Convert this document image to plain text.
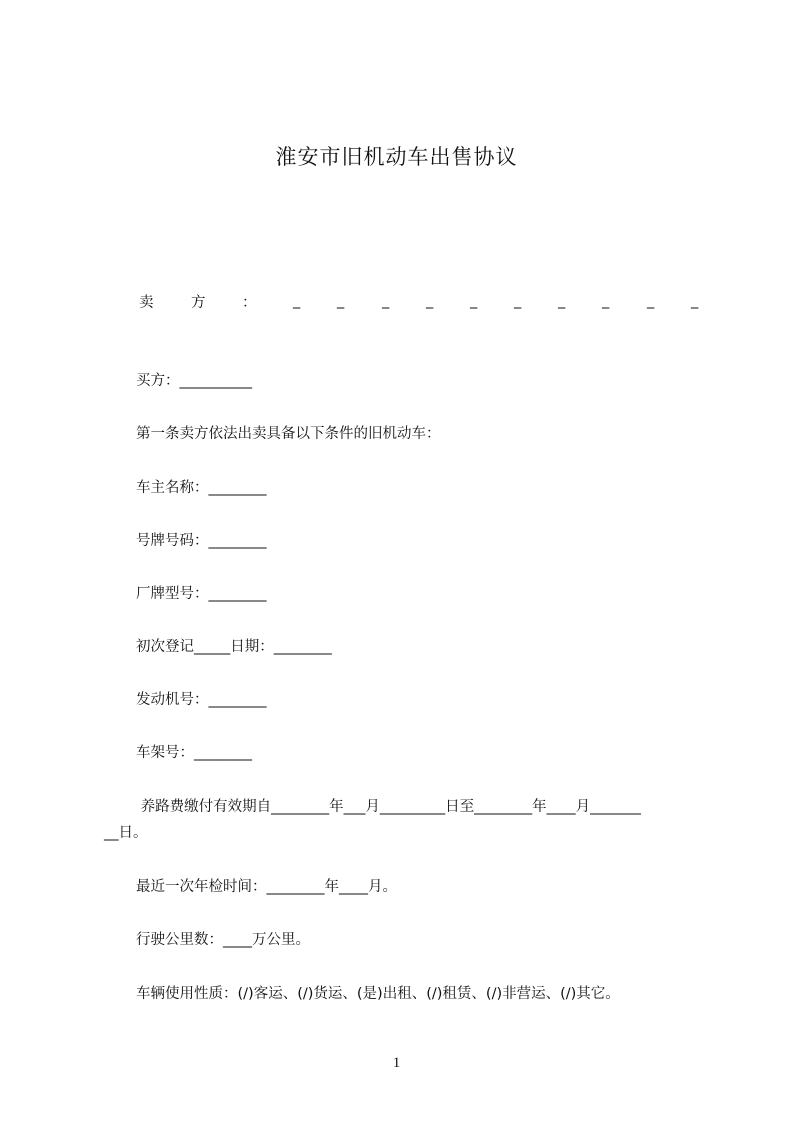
淮安市旧机动车出售协议
卖	方	：	_	_	_	_	_	_	_	_	_	_
买方：__________
第一条卖方依法出卖具备以下条件的旧机动车：
车主名称：________
号牌号码：________
厂牌型号：________
初次登记_____日期：________
发动机号：________
车架号：________
养路费缴付有效期自________年___月_________日至________年____月_______
__日。
最近一次年检时间：________年____月。
行驶公里数：____万公里。
车辆使用性质：(/)客运、(/)货运、(是)出租、(/)租赁、(/)非营运、(/)其它。
1
